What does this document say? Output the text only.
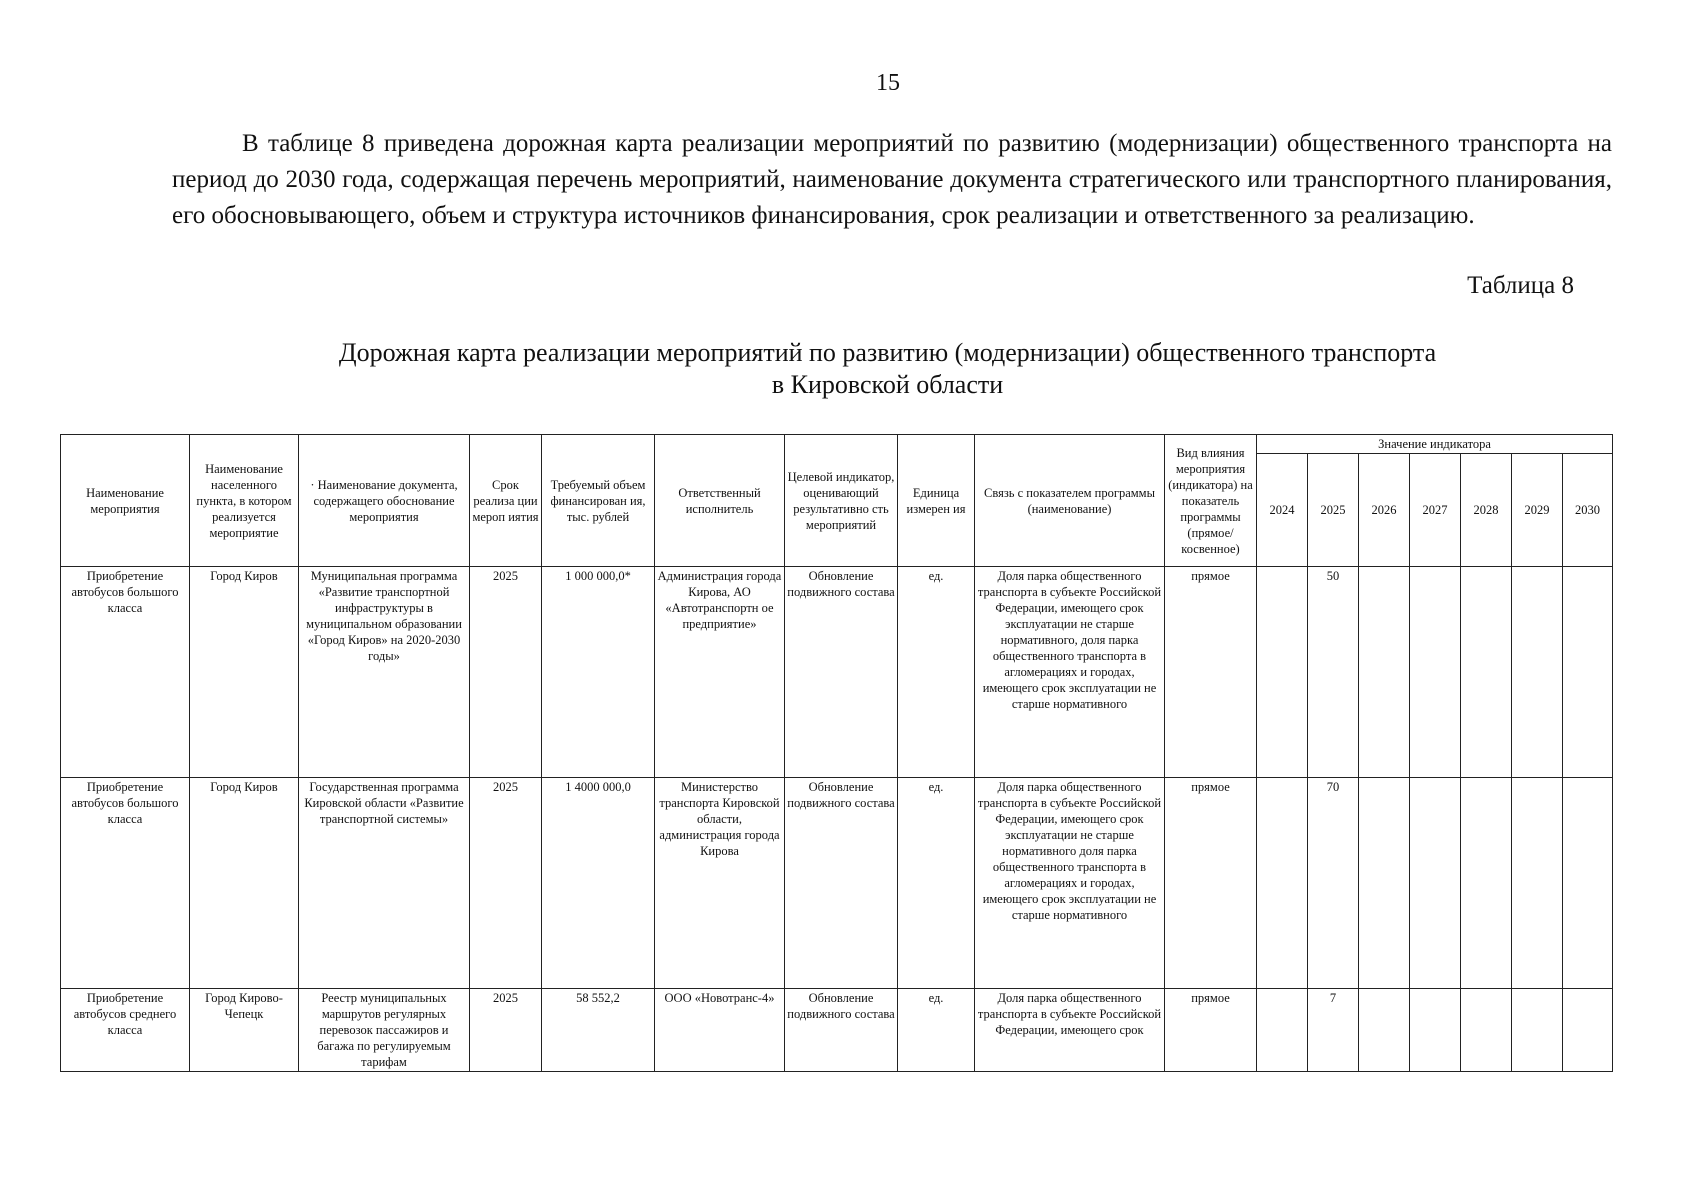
15

В таблице 8 приведена дорожная карта реализации мероприятий по развитию (модернизации) общественного транспорта на период до 2030 года, содержащая перечень мероприятий, наименование документа стратегического или транспортного планирования, его обосновывающего, объем и структура источников финансирования, срок реализации и ответственного за реализацию.

Таблица 8
Дорожная карта реализации мероприятий по развитию (модернизации) общественного транспорта
в Кировской области
Наименование мероприятия	Наименование населенного пункта, в котором реализуется мероприятие	· Наименование документа, содержащего обоснование мероприятия	Срок реализа ции мероп иятия	Требуемый объем финансирован ия, тыс. рублей	Ответственный исполнитель	Целевой индикатор, оценивающий результативно сть мероприятий	Единица измерен ия	Связь с показателем программы (наименование)	Вид влияния мероприятия (индикатора) на показатель программы (прямое/ косвенное)	Значение индикатора						
										2024	2025	2026	2027	2028	2029	2030
Приобретение автобусов большого класса	Город Киров	Муниципальная программа «Развитие транспортной инфраструктуры в муниципальном образовании «Город Киров» на 2020-2030 годы»	2025	1 000 000,0*	Администрация города Кирова, АО «Автотранспортн ое предприятие»	Обновление подвижного состава	ед.	Доля парка общественного транспорта в субъекте Российской Федерации, имеющего срок эксплуатации не старше нормативного, доля парка общественного транспорта в агломерациях и городах, имеющего срок эксплуатации не старше нормативного	прямое		50					
Приобретение автобусов большого класса	Город Киров	Государственная программа Кировской области «Развитие транспортной системы»	2025	1 4000 000,0	Министерство транспорта Кировской области, администрация города Кирова	Обновление подвижного состава	ед.	Доля парка общественного транспорта в субъекте Российской Федерации, имеющего срок эксплуатации не старше нормативного доля парка общественного транспорта в агломерациях и городах, имеющего срок эксплуатации не старше нормативного	прямое		70					
Приобретение автобусов среднего класса	Город Кирово-Чепецк	Реестр муниципальных маршрутов регулярных перевозок пассажиров и багажа по регулируемым тарифам	2025	58 552,2	ООО «Новотранс-4»	Обновление подвижного состава	ед.	Доля парка общественного транспорта в субъекте Российской Федерации, имеющего срок	прямое		7					
